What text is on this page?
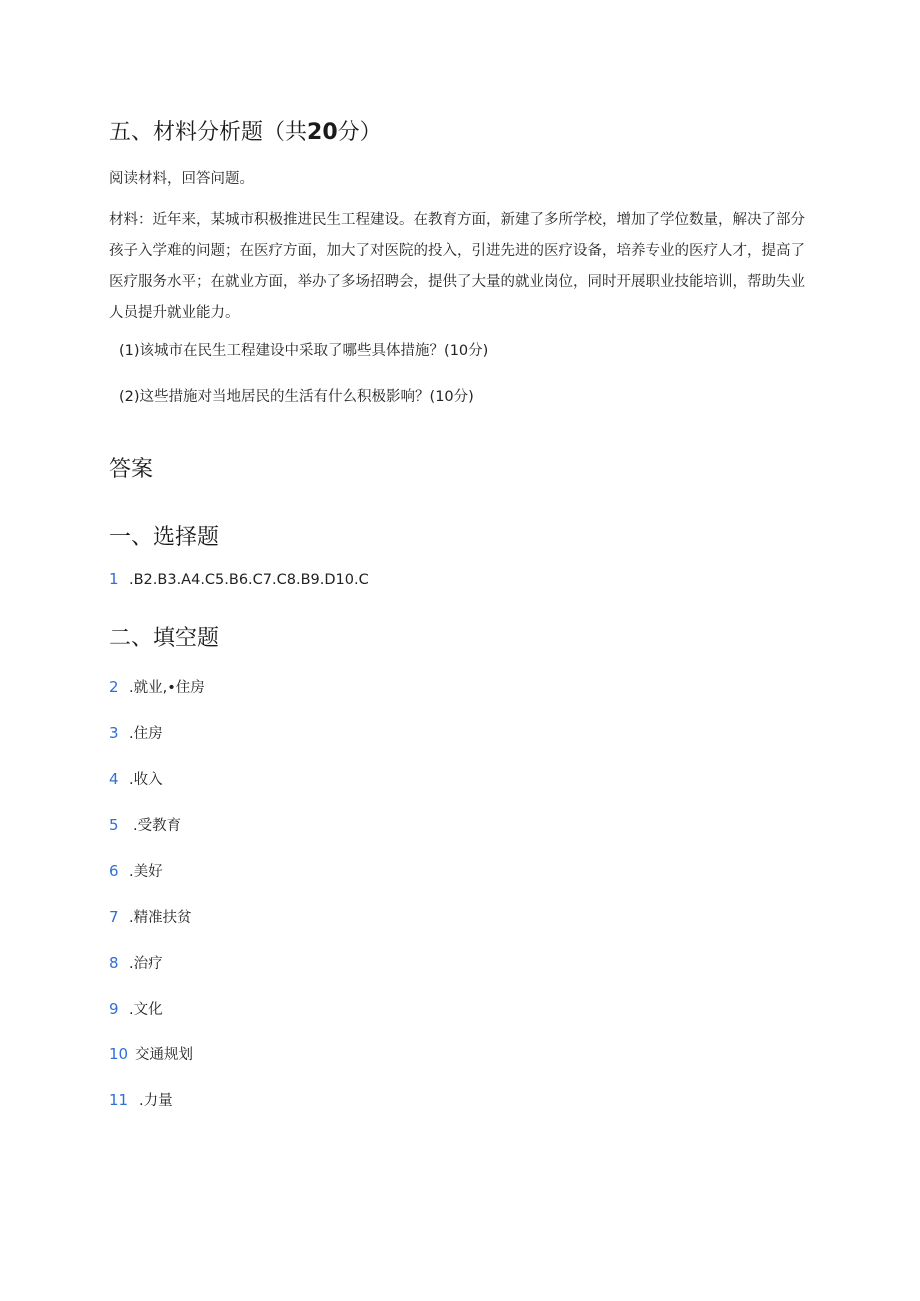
五、材料分析题（共20分）
阅读材料，回答问题。
材料：近年来，某城市积极推进民生工程建设。在教育方面，新建了多所学校，增加了学位数量，解决了部分孩子入学难的问题；在医疗方面，加大了对医院的投入，引进先进的医疗设备，培养专业的医疗人才，提高了医疗服务水平；在就业方面，举办了多场招聘会，提供了大量的就业岗位，同时开展职业技能培训，帮助失业人员提升就业能力。
(1)该城市在民生工程建设中采取了哪些具体措施？(10分)
(2)这些措施对当地居民的生活有什么积极影响？(10分)
答案
一、选择题
1 .B2.B3.A4.C5.B6.C7.C8.B9.D10.C
二、填空题
2 .就业,•住房
3 .住房
4 .收入
5 .受教育
6 .美好
7 .精准扶贫
8 .治疗
9 .文化
10 交通规划
11 .力量
